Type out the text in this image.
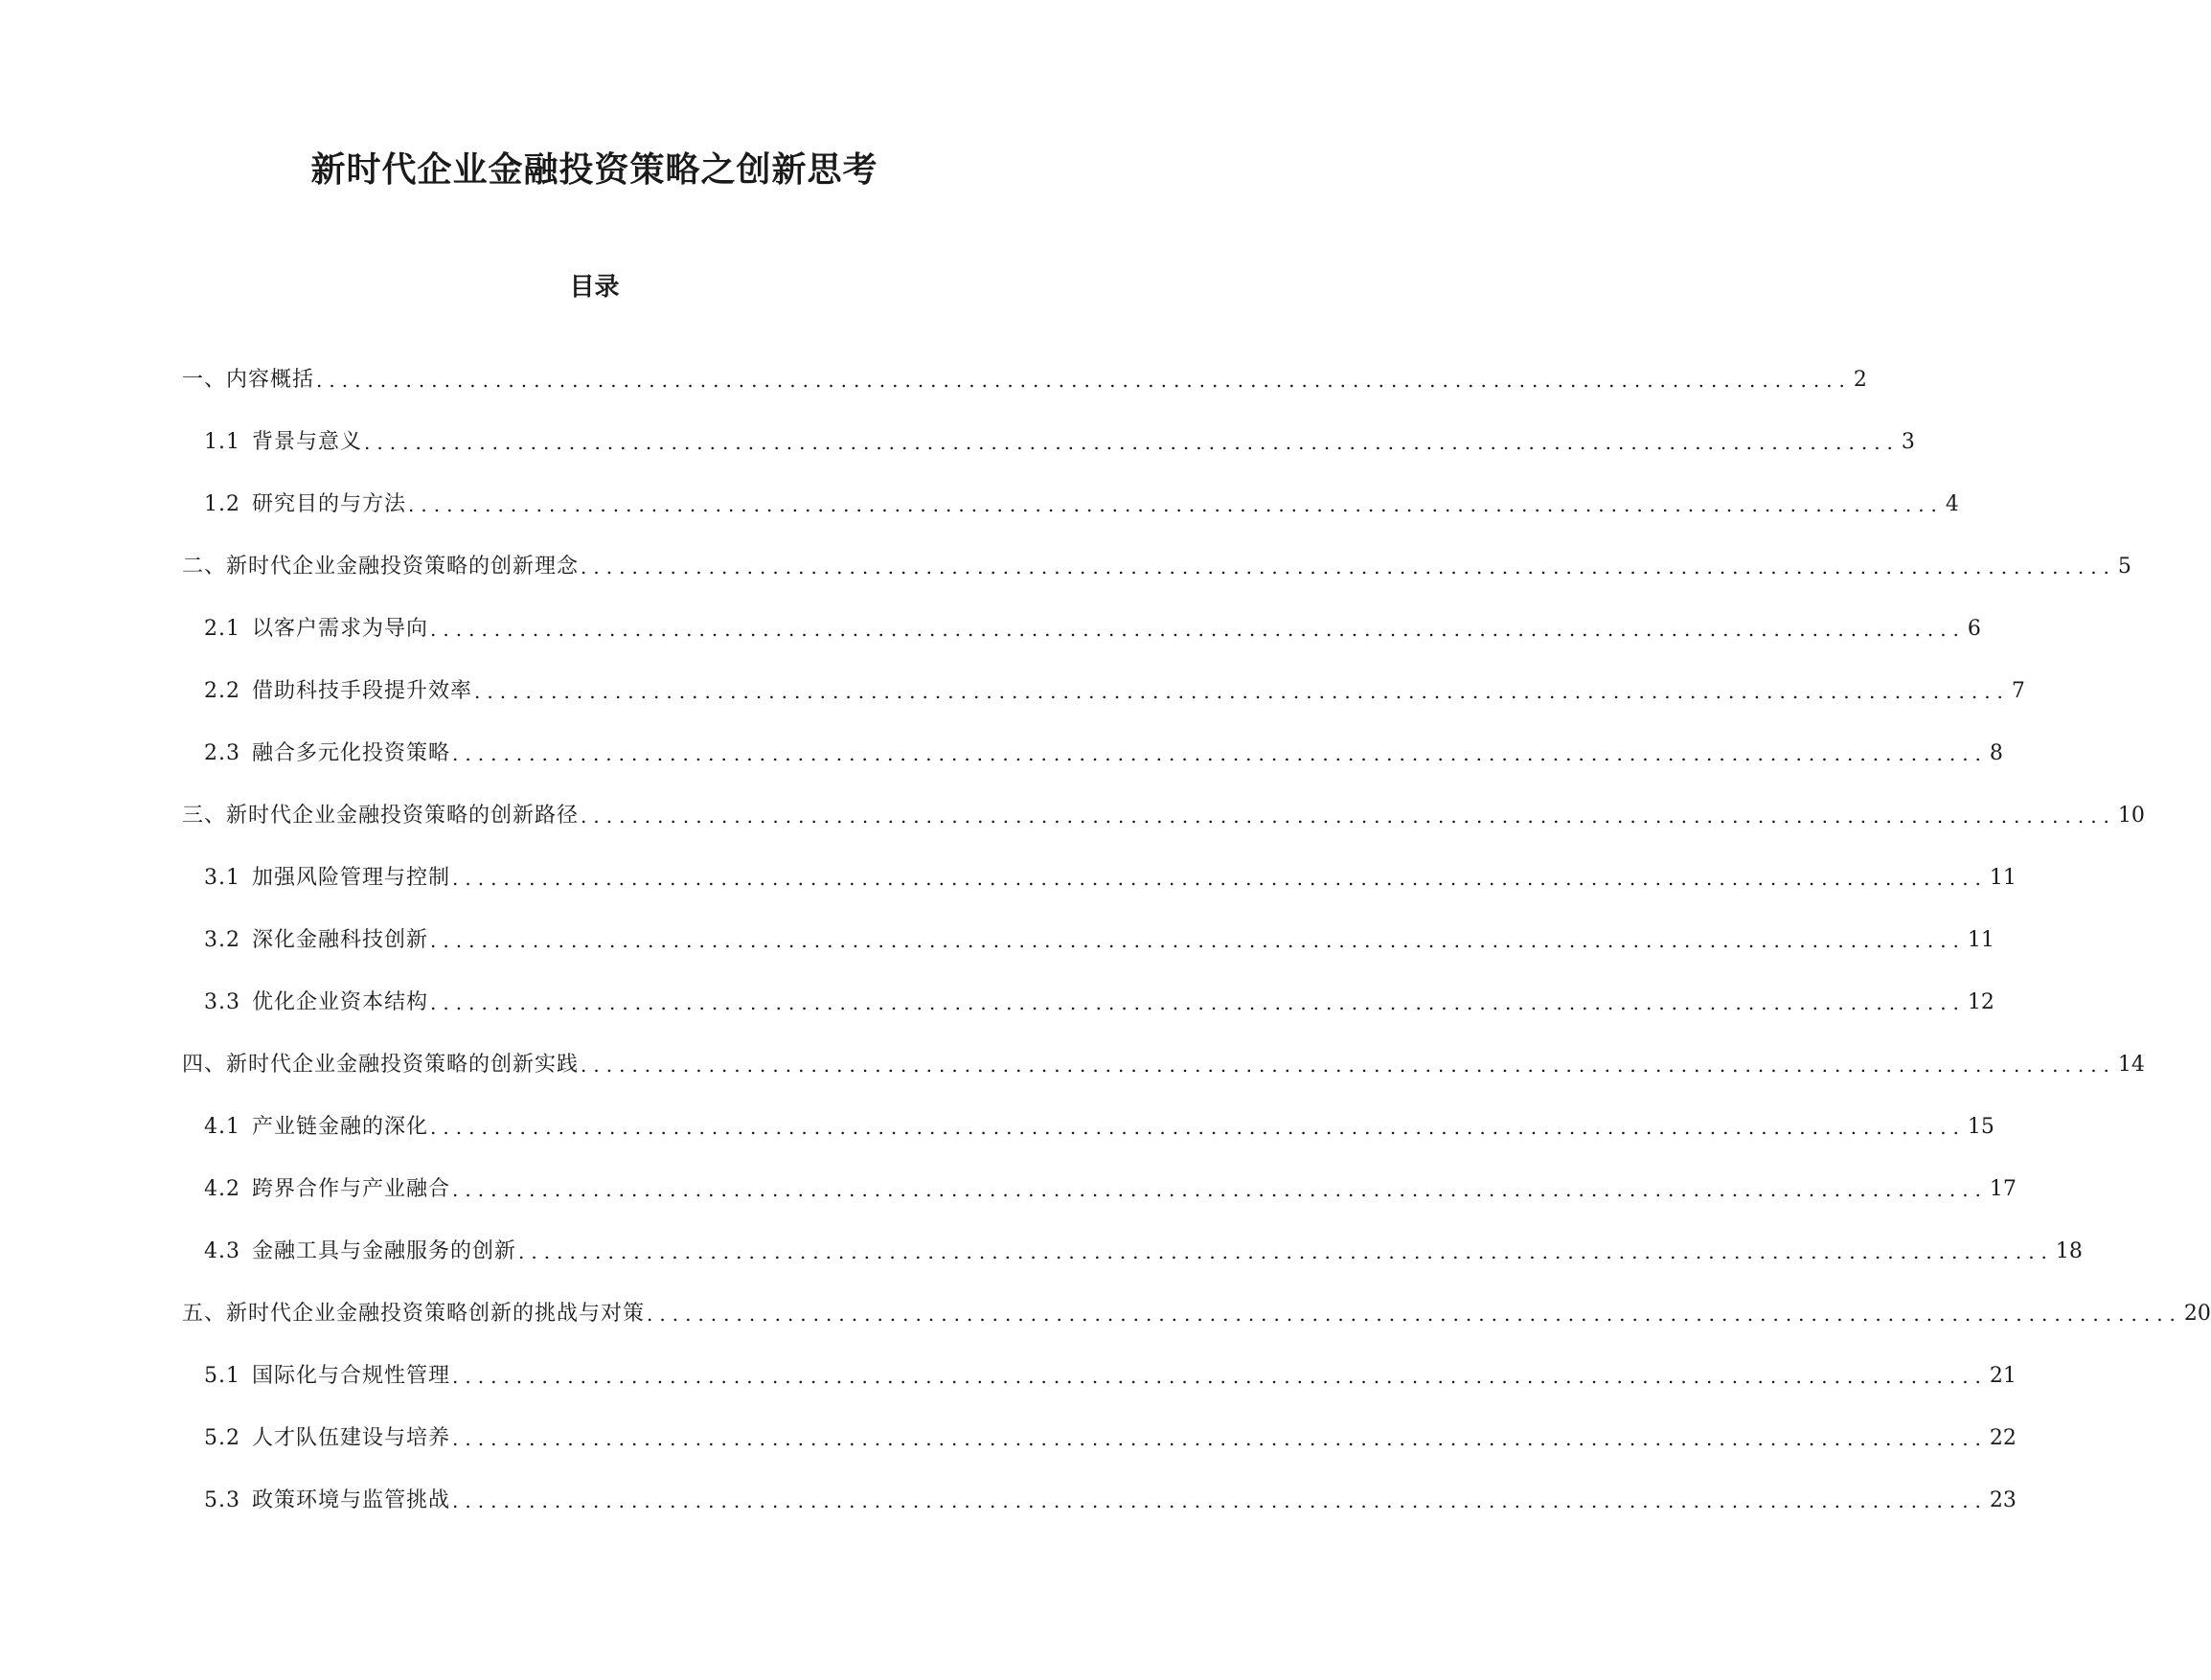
新时代企业金融投资策略之创新思考
目录
一、内容概括 ........................................................................................................................ 2
1.1 背景与意义 ........................................................................................................................ 3
1.2 研究目的与方法 ........................................................................................................................ 4
二、新时代企业金融投资策略的创新理念 ........................................................................................................................ 5
2.1 以客户需求为导向 ........................................................................................................................ 6
2.2 借助科技手段提升效率 ........................................................................................................................ 7
2.3 融合多元化投资策略 ........................................................................................................................ 8
三、新时代企业金融投资策略的创新路径 ........................................................................................................................ 10
3.1 加强风险管理与控制 ........................................................................................................................ 11
3.2 深化金融科技创新 ........................................................................................................................ 11
3.3 优化企业资本结构 ........................................................................................................................ 12
四、新时代企业金融投资策略的创新实践 ........................................................................................................................ 14
4.1 产业链金融的深化 ........................................................................................................................ 15
4.2 跨界合作与产业融合 ........................................................................................................................ 17
4.3 金融工具与金融服务的创新 ........................................................................................................................ 18
五、新时代企业金融投资策略创新的挑战与对策 ........................................................................................................................ 20
5.1 国际化与合规性管理 ........................................................................................................................ 21
5.2 人才队伍建设与培养 ........................................................................................................................ 22
5.3 政策环境与监管挑战 ........................................................................................................................ 23
